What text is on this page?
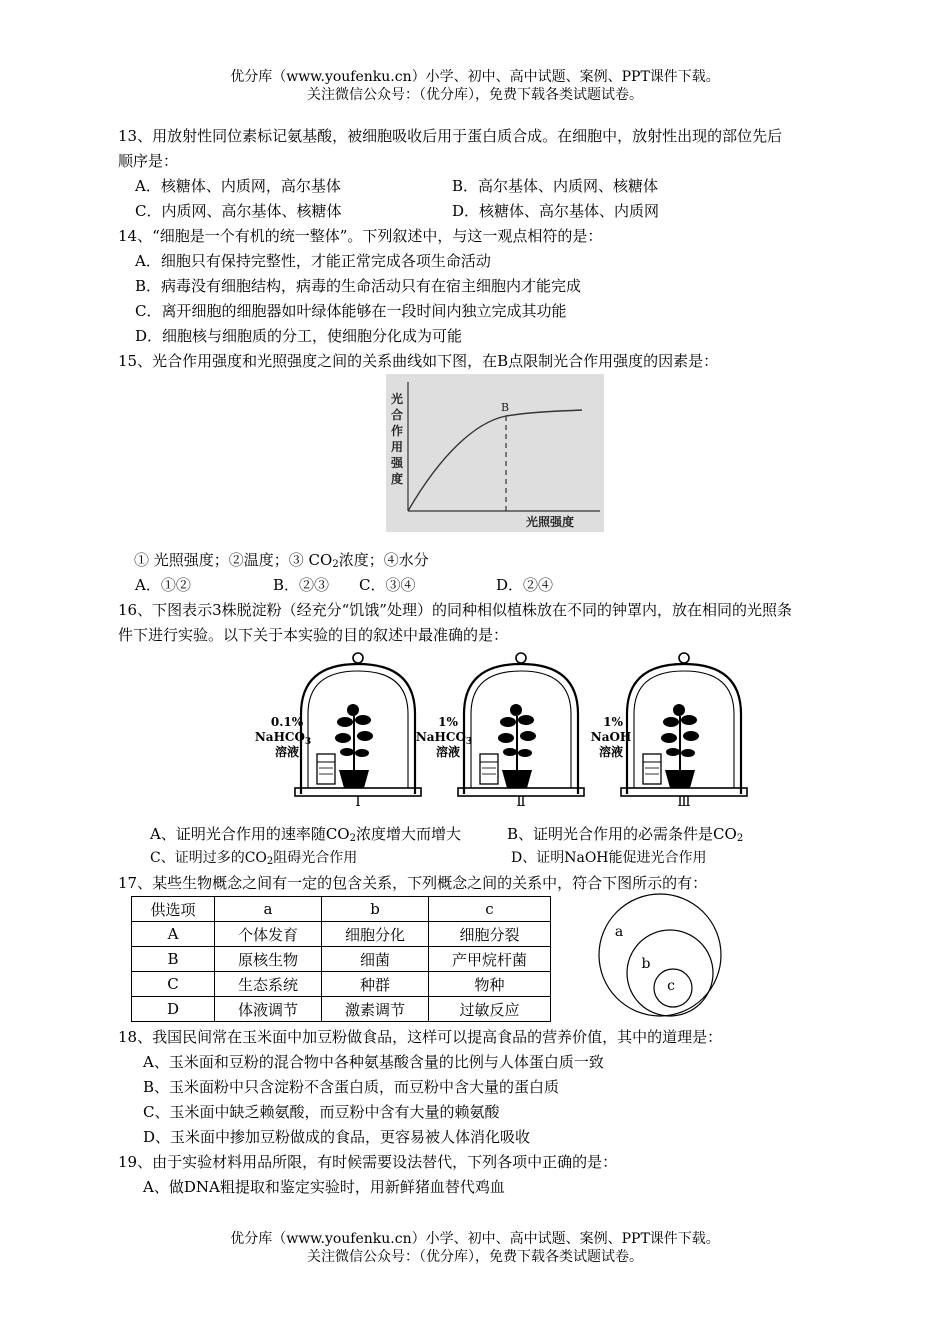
优分库（www.youfenku.cn）小学、初中、高中试题、案例、PPT课件下载。
关注微信公众号：（优分库），免费下载各类试题试卷。
13、用放射性同位素标记氨基酸，被细胞吸收后用于蛋白质合成。在细胞中，放射性出现的部位先后
顺序是：
A．核糖体、内质网，高尔基体	B．高尔基体、内质网、核糖体
C．内质网、高尔基体、核糖体	D．核糖体、高尔基体、内质网
14、“细胞是一个有机的统一整体”。下列叙述中，与这一观点相符的是：
A．细胞只有保持完整性，才能正常完成各项生命活动
B．病毒没有细胞结构，病毒的生命活动只有在宿主细胞内才能完成
C．离开细胞的细胞器如叶绿体能够在一段时间内独立完成其功能
D．细胞核与细胞质的分工，使细胞分化成为可能
15、光合作用强度和光照强度之间的关系曲线如下图，在B点限制光合作用强度的因素是：
光
合
作
用
强
度
光照强度
B
① 光照强度；②温度；③ $CO_2$浓度；④水分
A．①②	B．②③ C．③④	D．②④
16、下图表示3株脱淀粉（经充分“饥饿”处理）的同种相似植株放在不同的钟罩内，放在相同的光照条
件下进行实验。以下关于本实验的目的叙述中最准确的是：
0.1%
NaHCO$_3$
溶液
1%
NaHCO$_3$
溶液
1%
NaOH
溶液
Ⅰ	Ⅱ	Ⅲ
A、证明光合作用的速率随$CO_2$浓度增大而增大	B、证明光合作用的必需条件是$CO_2$
C、证明过多的$CO_2$阻碍光合作用	D、证明NaOH能促进光合作用
17、某些生物概念之间有一定的包含关系，下列概念之间的关系中，符合下图所示的有：
供选项	a	b	c
A	个体发育	细胞分化	细胞分裂
B	原核生物	细菌	产甲烷杆菌
C	生态系统	种群	物种
D	体液调节	激素调节	过敏反应
a
b
c
18、我国民间常在玉米面中加豆粉做食品，这样可以提高食品的营养价值，其中的道理是：
A、玉米面和豆粉的混合物中各种氨基酸含量的比例与人体蛋白质一致
B、玉米面粉中只含淀粉不含蛋白质，而豆粉中含大量的蛋白质
C、玉米面中缺乏赖氨酸，而豆粉中含有大量的赖氨酸
D、玉米面中掺加豆粉做成的食品，更容易被人体消化吸收
19、由于实验材料用品所限，有时候需要设法替代，下列各项中正确的是：
A、做DNA粗提取和鉴定实验时，用新鲜猪血替代鸡血
优分库（www.youfenku.cn）小学、初中、高中试题、案例、PPT课件下载。
关注微信公众号：（优分库），免费下载各类试题试卷。
